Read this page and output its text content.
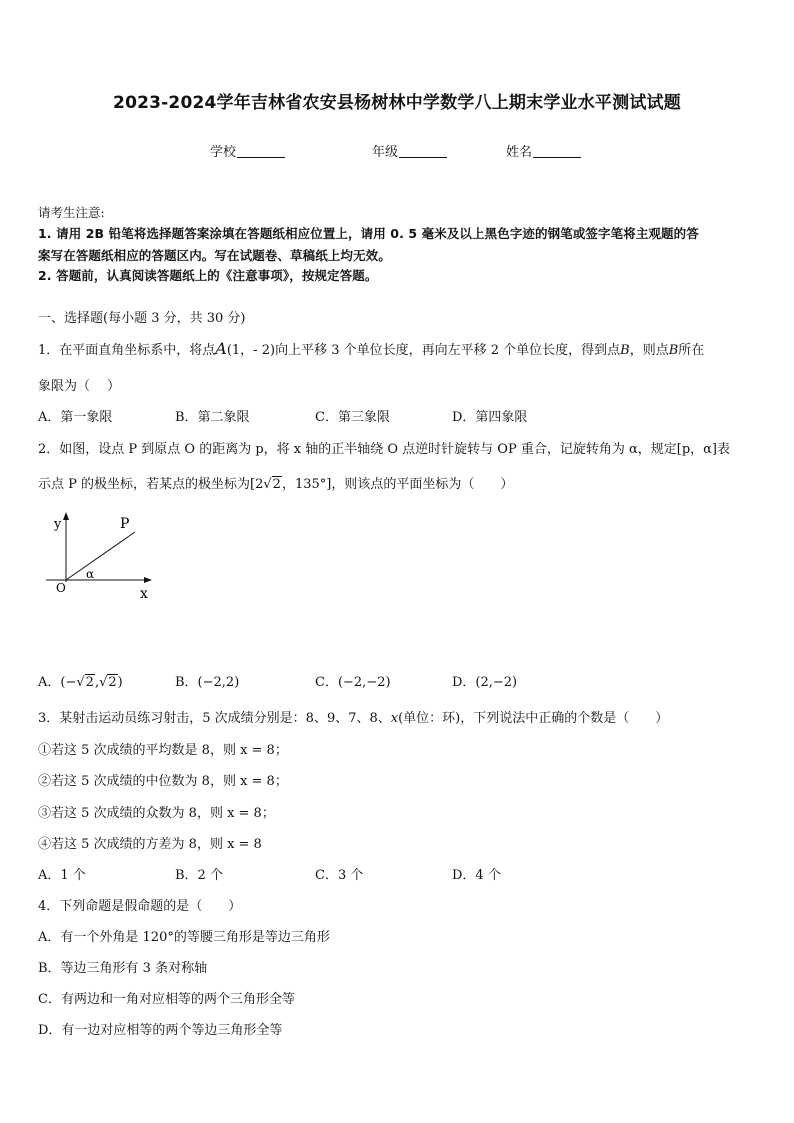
2023-2024学年吉林省农安县杨树林中学数学八上期末学业水平测试试题
学校	年级	姓名
请考生注意:
1. 请用 2B 铅笔将选择题答案涂填在答题纸相应位置上，请用 0. 5 毫米及以上黑色字迹的钢笔或签字笔将主观题的答
案写在答题纸相应的答题区内。写在试题卷、草稿纸上均无效。
2. 答题前，认真阅读答题纸上的《注意事项》，按规定答题。
一、选择题(每小题 3 分，共 30 分)
1．在平面直角坐标系中，将点A(1，- 2)向上平移 3 个单位长度，再向左平移 2 个单位长度，得到点B，则点B所在
象限为（　 ）
A．第一象限	B．第二象限	C．第三象限	D．第四象限
2．如图，设点 P 到原点 O 的距离为 p，将 x 轴的正半轴绕 O 点逆时针旋转与 OP 重合，记旋转角为 α，规定[p，α]表
示点 P 的极坐标，若某点的极坐标为[2√2，135°]，则该点的平面坐标为（　　）
y	P
O
α
x
A．(−√2,√2)	B．(−2,2)	C．(−2,−2)	D．(2,−2)
3．某射击运动员练习射击，5 次成绩分别是：8、9、7、8、x(单位：环)，下列说法中正确的个数是（　　）
①若这 5 次成绩的平均数是 8，则 x = 8；
②若这 5 次成绩的中位数为 8，则 x = 8；
③若这 5 次成绩的众数为 8，则 x = 8；
④若这 5 次成绩的方差为 8，则 x = 8
A．1 个	B．2 个	C．3 个	D．4 个
4．下列命题是假命题的是（　　）
A．有一个外角是 120°的等腰三角形是等边三角形
B．等边三角形有 3 条对称轴
C．有两边和一角对应相等的两个三角形全等
D．有一边对应相等的两个等边三角形全等
